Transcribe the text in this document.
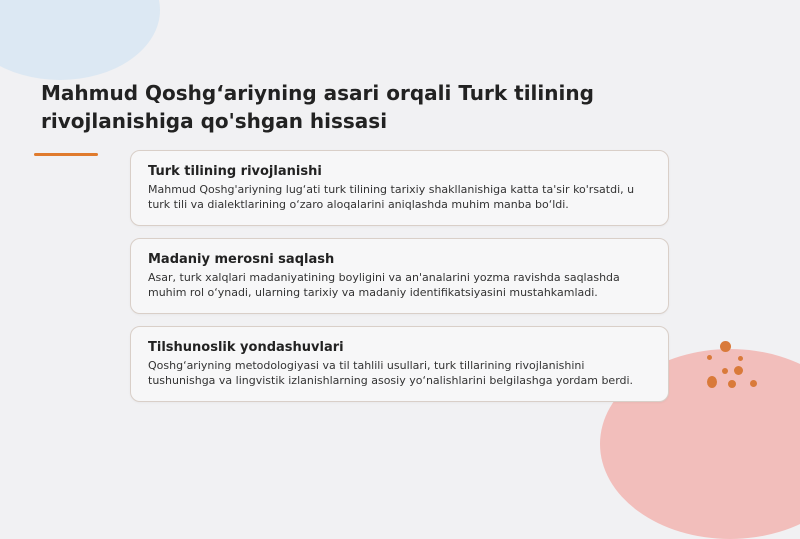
Mahmud Qoshg‘ariyning asari orqali Turk tilining rivojlanishiga qo'shgan hissasi

Turk tilining rivojlanishi

Mahmud Qoshg'ariyning lug‘ati turk tilining tarixiy shakllanishiga katta ta'sir ko'rsatdi, u turk tili va dialektlarining o‘zaro aloqalarini aniqlashda muhim manba bo‘ldi.

Madaniy merosni saqlash

Asar, turk xalqlari madaniyatining boyligini va an'analarini yozma ravishda saqlashda muhim rol o‘ynadi, ularning tarixiy va madaniy identifikatsiyasini mustahkamladi.

Tilshunoslik yondashuvlari

Qoshg‘ariyning metodologiyasi va til tahlili usullari, turk tillarining rivojlanishini tushunishga va lingvistik izlanishlarning asosiy yo‘nalishlarini belgilashga yordam berdi.
